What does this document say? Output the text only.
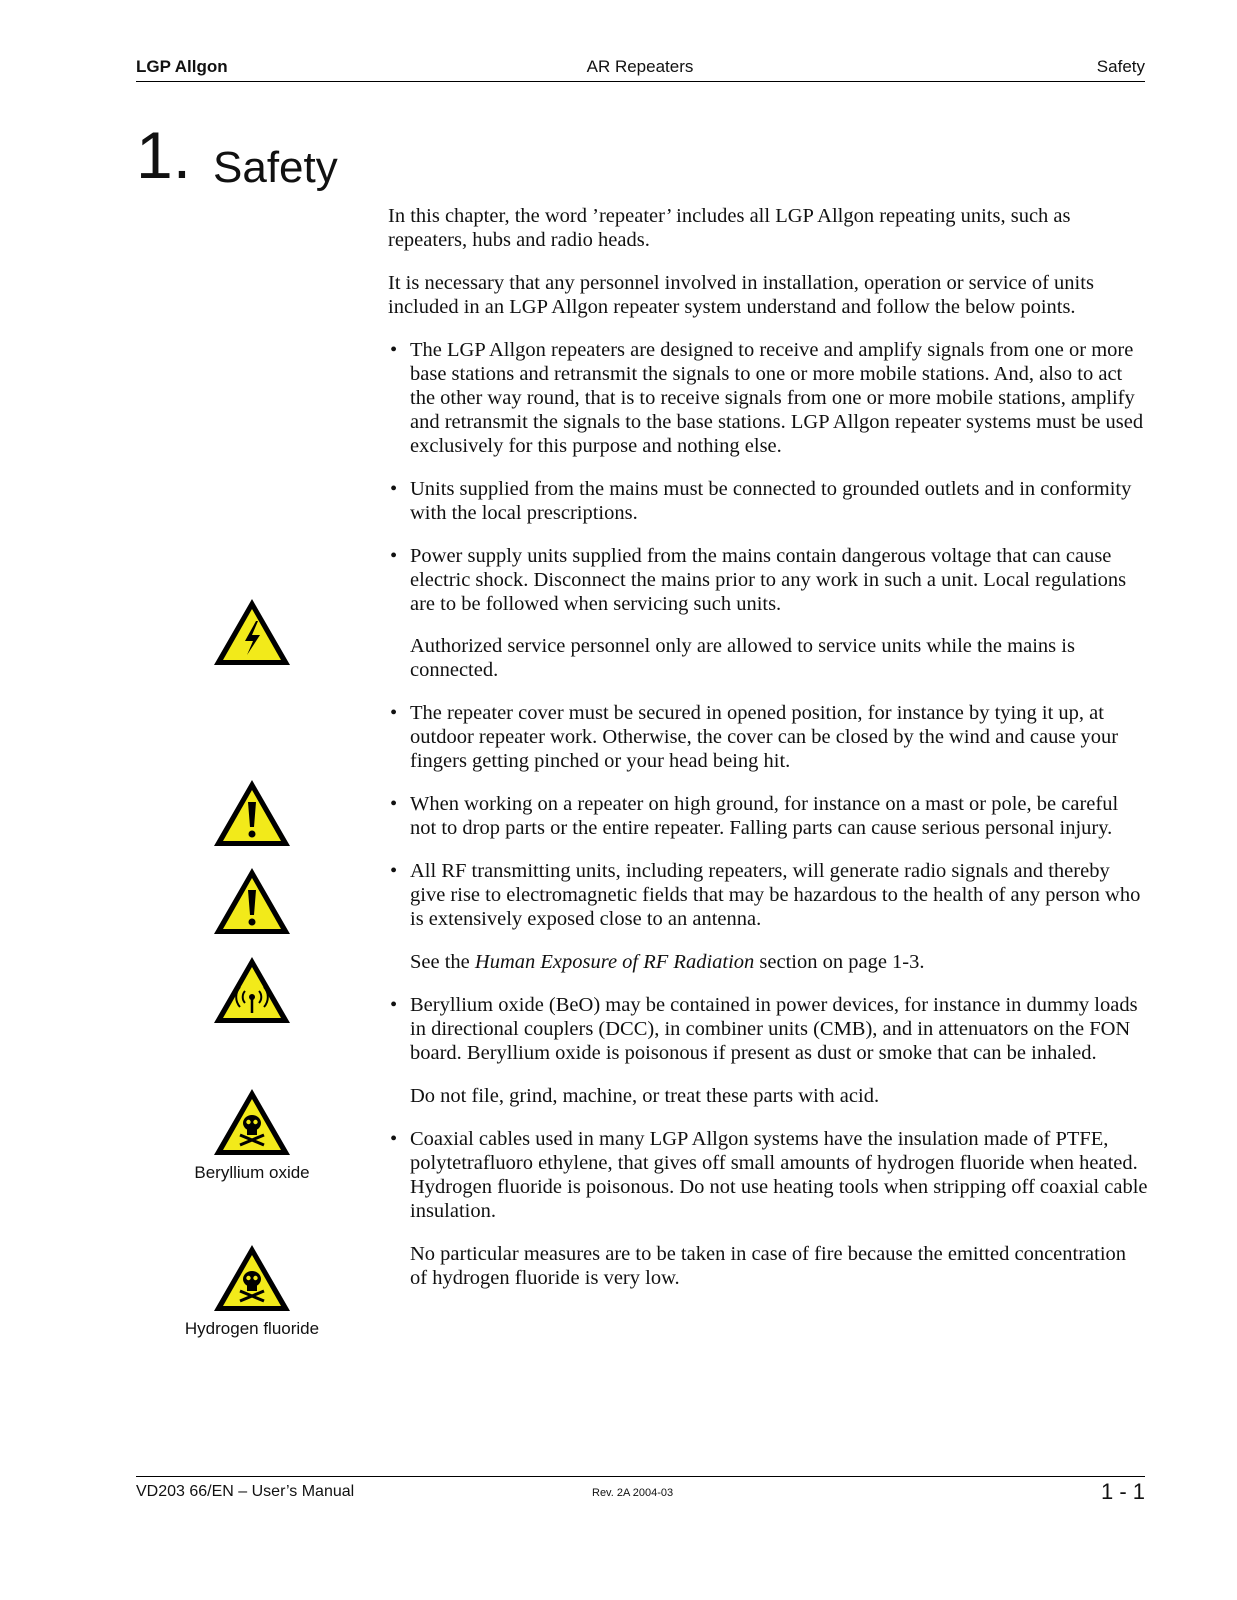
LGP Allgon	AR Repeaters	Safety
1. Safety
Beryllium oxide
Hydrogen fluoride

In this chapter, the word ’repeater’ includes all LGP Allgon repeating units, such as repeaters, hubs and radio heads.

It is necessary that any personnel involved in installation, operation or service of units included in an LGP Allgon repeater system understand and follow the below points.

• The LGP Allgon repeaters are designed to receive and amplify signals from one or more base stations and retransmit the signals to one or more mobile stations. And, also to act the other way round, that is to receive signals from one or more mobile stations, amplify and retransmit the signals to the base stations. LGP Allgon repeater systems must be used exclusively for this purpose and nothing else.
• Units supplied from the mains must be connected to grounded outlets and in conformity with the local prescriptions.
• Power supply units supplied from the mains contain dangerous voltage that can cause electric shock. Disconnect the mains prior to any work in such a unit. Local regulations are to be followed when servicing such units.
Authorized service personnel only are allowed to service units while the mains is connected.
• The repeater cover must be secured in opened position, for instance by tying it up, at outdoor repeater work. Otherwise, the cover can be closed by the wind and cause your fingers getting pinched or your head being hit.
• When working on a repeater on high ground, for instance on a mast or pole, be careful not to drop parts or the entire repeater. Falling parts can cause serious personal injury.
• All RF transmitting units, including repeaters, will generate radio signals and thereby give rise to electromagnetic fields that may be hazardous to the health of any person who is extensively exposed close to an antenna.
See the Human Exposure of RF Radiation section on page 1-3.
• Beryllium oxide (BeO) may be contained in power devices, for instance in dummy loads in directional couplers (DCC), in combiner units (CMB), and in attenuators on the FON board. Beryllium oxide is poisonous if present as dust or smoke that can be inhaled.
Do not file, grind, machine, or treat these parts with acid.
• Coaxial cables used in many LGP Allgon systems have the insulation made of PTFE, polytetrafluoro ethylene, that gives off small amounts of hydrogen fluoride when heated. Hydrogen fluoride is poisonous. Do not use heating tools when stripping off coaxial cable insulation.
No particular measures are to be taken in case of fire because the emitted concentration of hydrogen fluoride is very low.
VD203 66/EN – User’s Manual	Rev. 2A 2004-03	1 - 1
